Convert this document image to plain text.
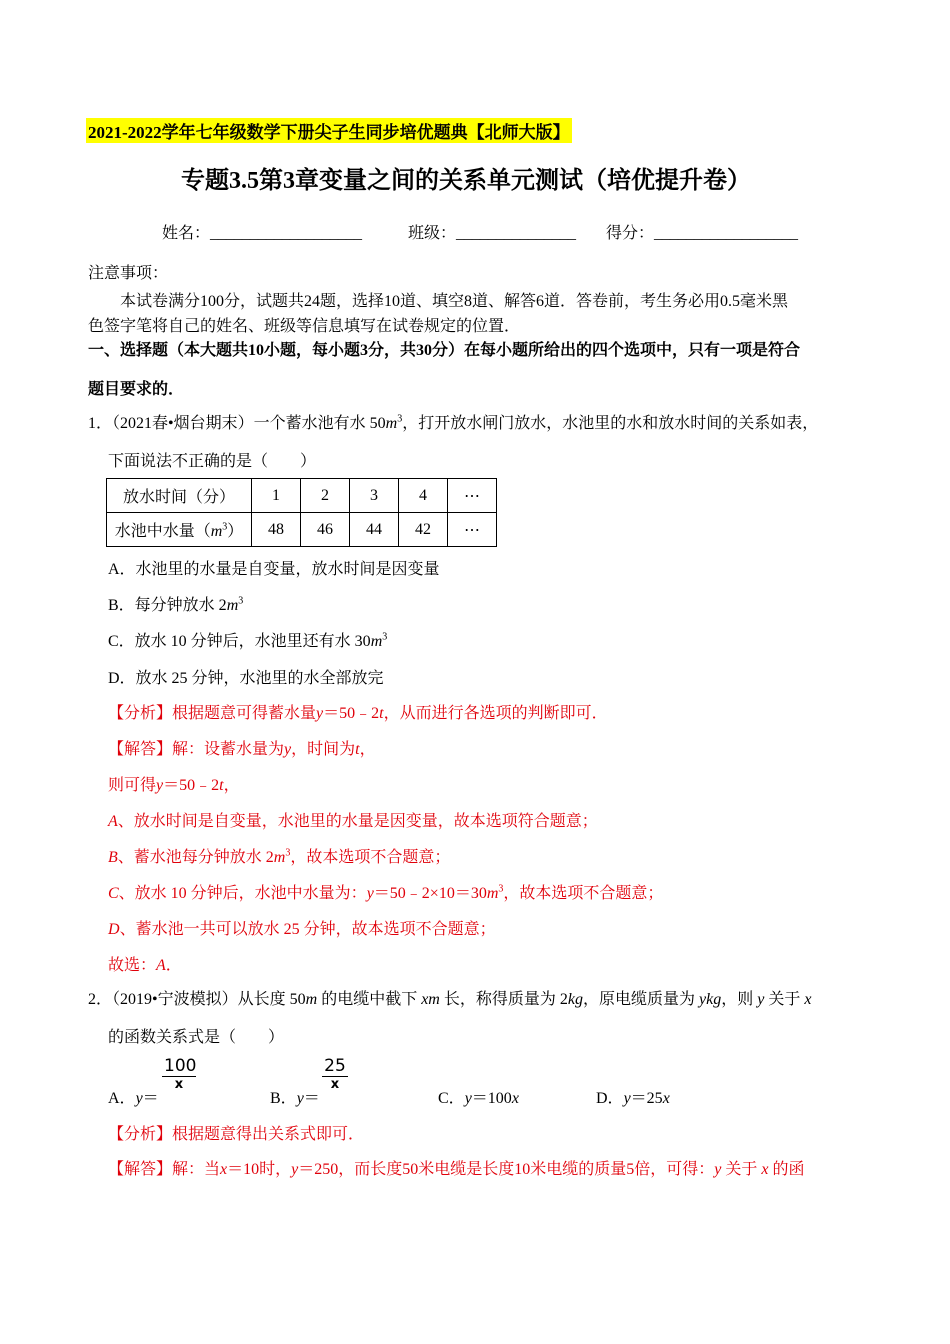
2021-2022学年七年级数学下册尖子生同步培优题典【北师大版】
专题3.5第3章变量之间的关系单元测试（培优提升卷）
姓名：___________________	班级：_______________ 得分：__________________
注意事项：
本试卷满分100分，试题共24题，选择10道、填空8道、解答6道．答卷前，考生务必用0.5毫米黑
色签字笔将自己的姓名、班级等信息填写在试卷规定的位置．
一、选择题（本大题共10小题，每小题3分，共30分）在每小题所给出的四个选项中，只有一项是符合
题目要求的．
1．（2021春•烟台期末）一个蓄水池有水 $50m^3$，打开放水闸门放水，水池里的水和放水时间的关系如表，
下面说法不正确的是（　　）
放水时间（分）	1	2	3	4	⋯
水池中水量$(m^3)$	48	46	44	42	⋯
A．水池里的水量是自变量，放水时间是因变量
B．每分钟放水 $2m^3$
C．放水 10 分钟后，水池里还有水 $30m^3$
D．放水 25 分钟，水池里的水全部放完
【分析】根据题意可得蓄水量y＝50﹣2t，从而进行各选项的判断即可．
【解答】解：设蓄水量为y，时间为t，
则可得y＝50﹣2t，
A、放水时间是自变量，水池里的水量是因变量，故本选项符合题意；
B、蓄水池每分钟放水 $2m^3$，故本选项不合题意；
C、放水 10 分钟后，水池中水量为：$y=50﹣2\times 10=30m^3$，故本选项不合题意；
D、蓄水池一共可以放水 25 分钟，故本选项不合题意；
故选：A．
2．（2019•宁波模拟）从长度 50m 的电缆中截下 xm 长，称得质量为 2kg，原电缆质量为 ykg，则 y 关于 x
的函数关系式是（　　）
A．y＝
100
x
B．y＝
25
x
C．y＝100x	D．y＝25x
【分析】根据题意得出关系式即可．
【解答】解：当x＝10时，y＝250，而长度50米电缆是长度10米电缆的质量5倍，可得：y 关于 x 的函
